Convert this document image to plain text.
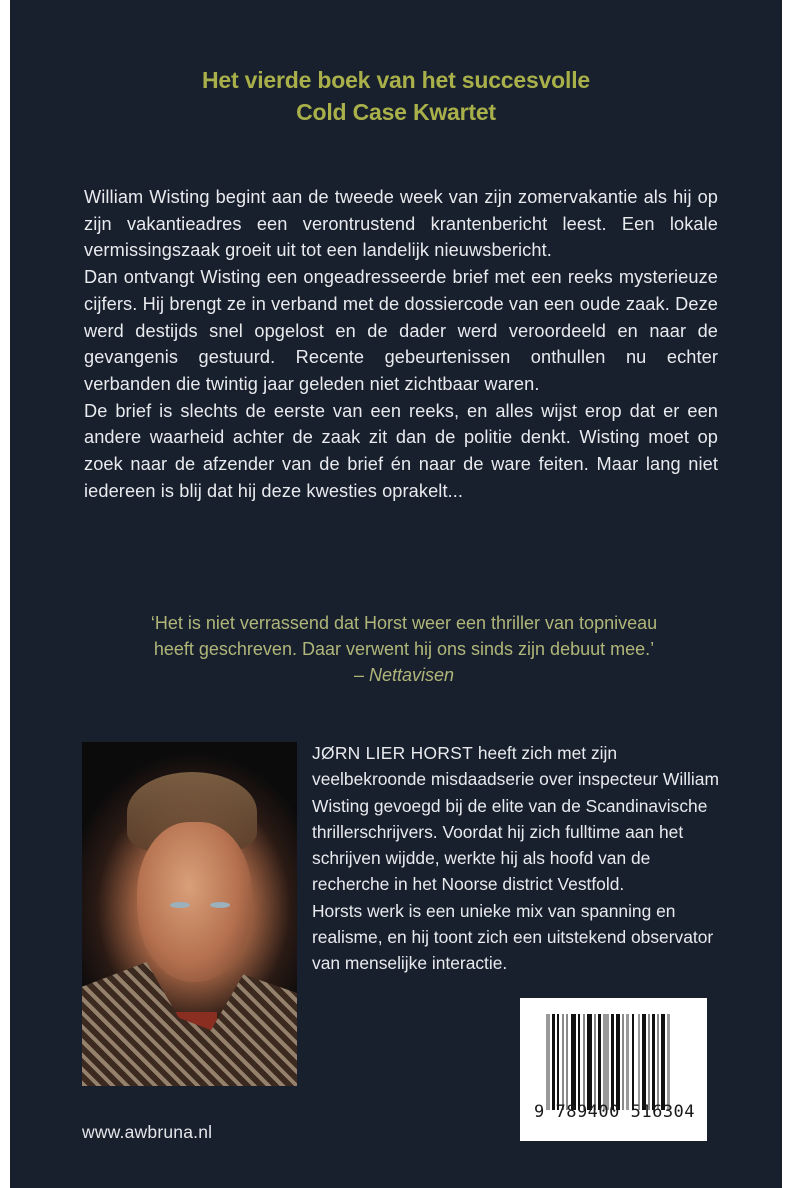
Het vierde boek van het succesvolle
Cold Case Kwartet

William Wisting begint aan de tweede week van zijn zomervakantie als hij op zijn vakantieadres een verontrustend krantenbericht leest. Een lokale vermissingszaak groeit uit tot een landelijk nieuwsbericht.

Dan ontvangt Wisting een ongeadresseerde brief met een reeks mysterieuze cijfers. Hij brengt ze in verband met de dossiercode van een oude zaak. Deze werd destijds snel opgelost en de dader werd veroordeeld en naar de gevangenis gestuurd. Recente gebeurtenissen onthullen nu echter verbanden die twintig jaar geleden niet zichtbaar waren.

De brief is slechts de eerste van een reeks, en alles wijst erop dat er een andere waarheid achter de zaak zit dan de politie denkt. Wisting moet op zoek naar de afzender van de brief én naar de ware feiten. Maar lang niet iedereen is blij dat hij deze kwesties oprakelt...

‘Het is niet verrassend dat Horst weer een thriller van topniveau
heeft geschreven. Daar verwent hij ons sinds zijn debuut mee.’
– Nettavisen

JØRN LIER HORST heeft zich met zijn veelbekroonde misdaadserie over inspecteur William Wisting gevoegd bij de elite van de Scandinavische thrillerschrijvers. Voordat hij zich fulltime aan het schrijven wijdde, werkte hij als hoofd van de recherche in het Noorse district Vestfold.

Horsts werk is een unieke mix van spanning en realisme, en hij toont zich een uitstekend observator van menselijke interactie.

9 789400 516304
www.awbruna.nl
